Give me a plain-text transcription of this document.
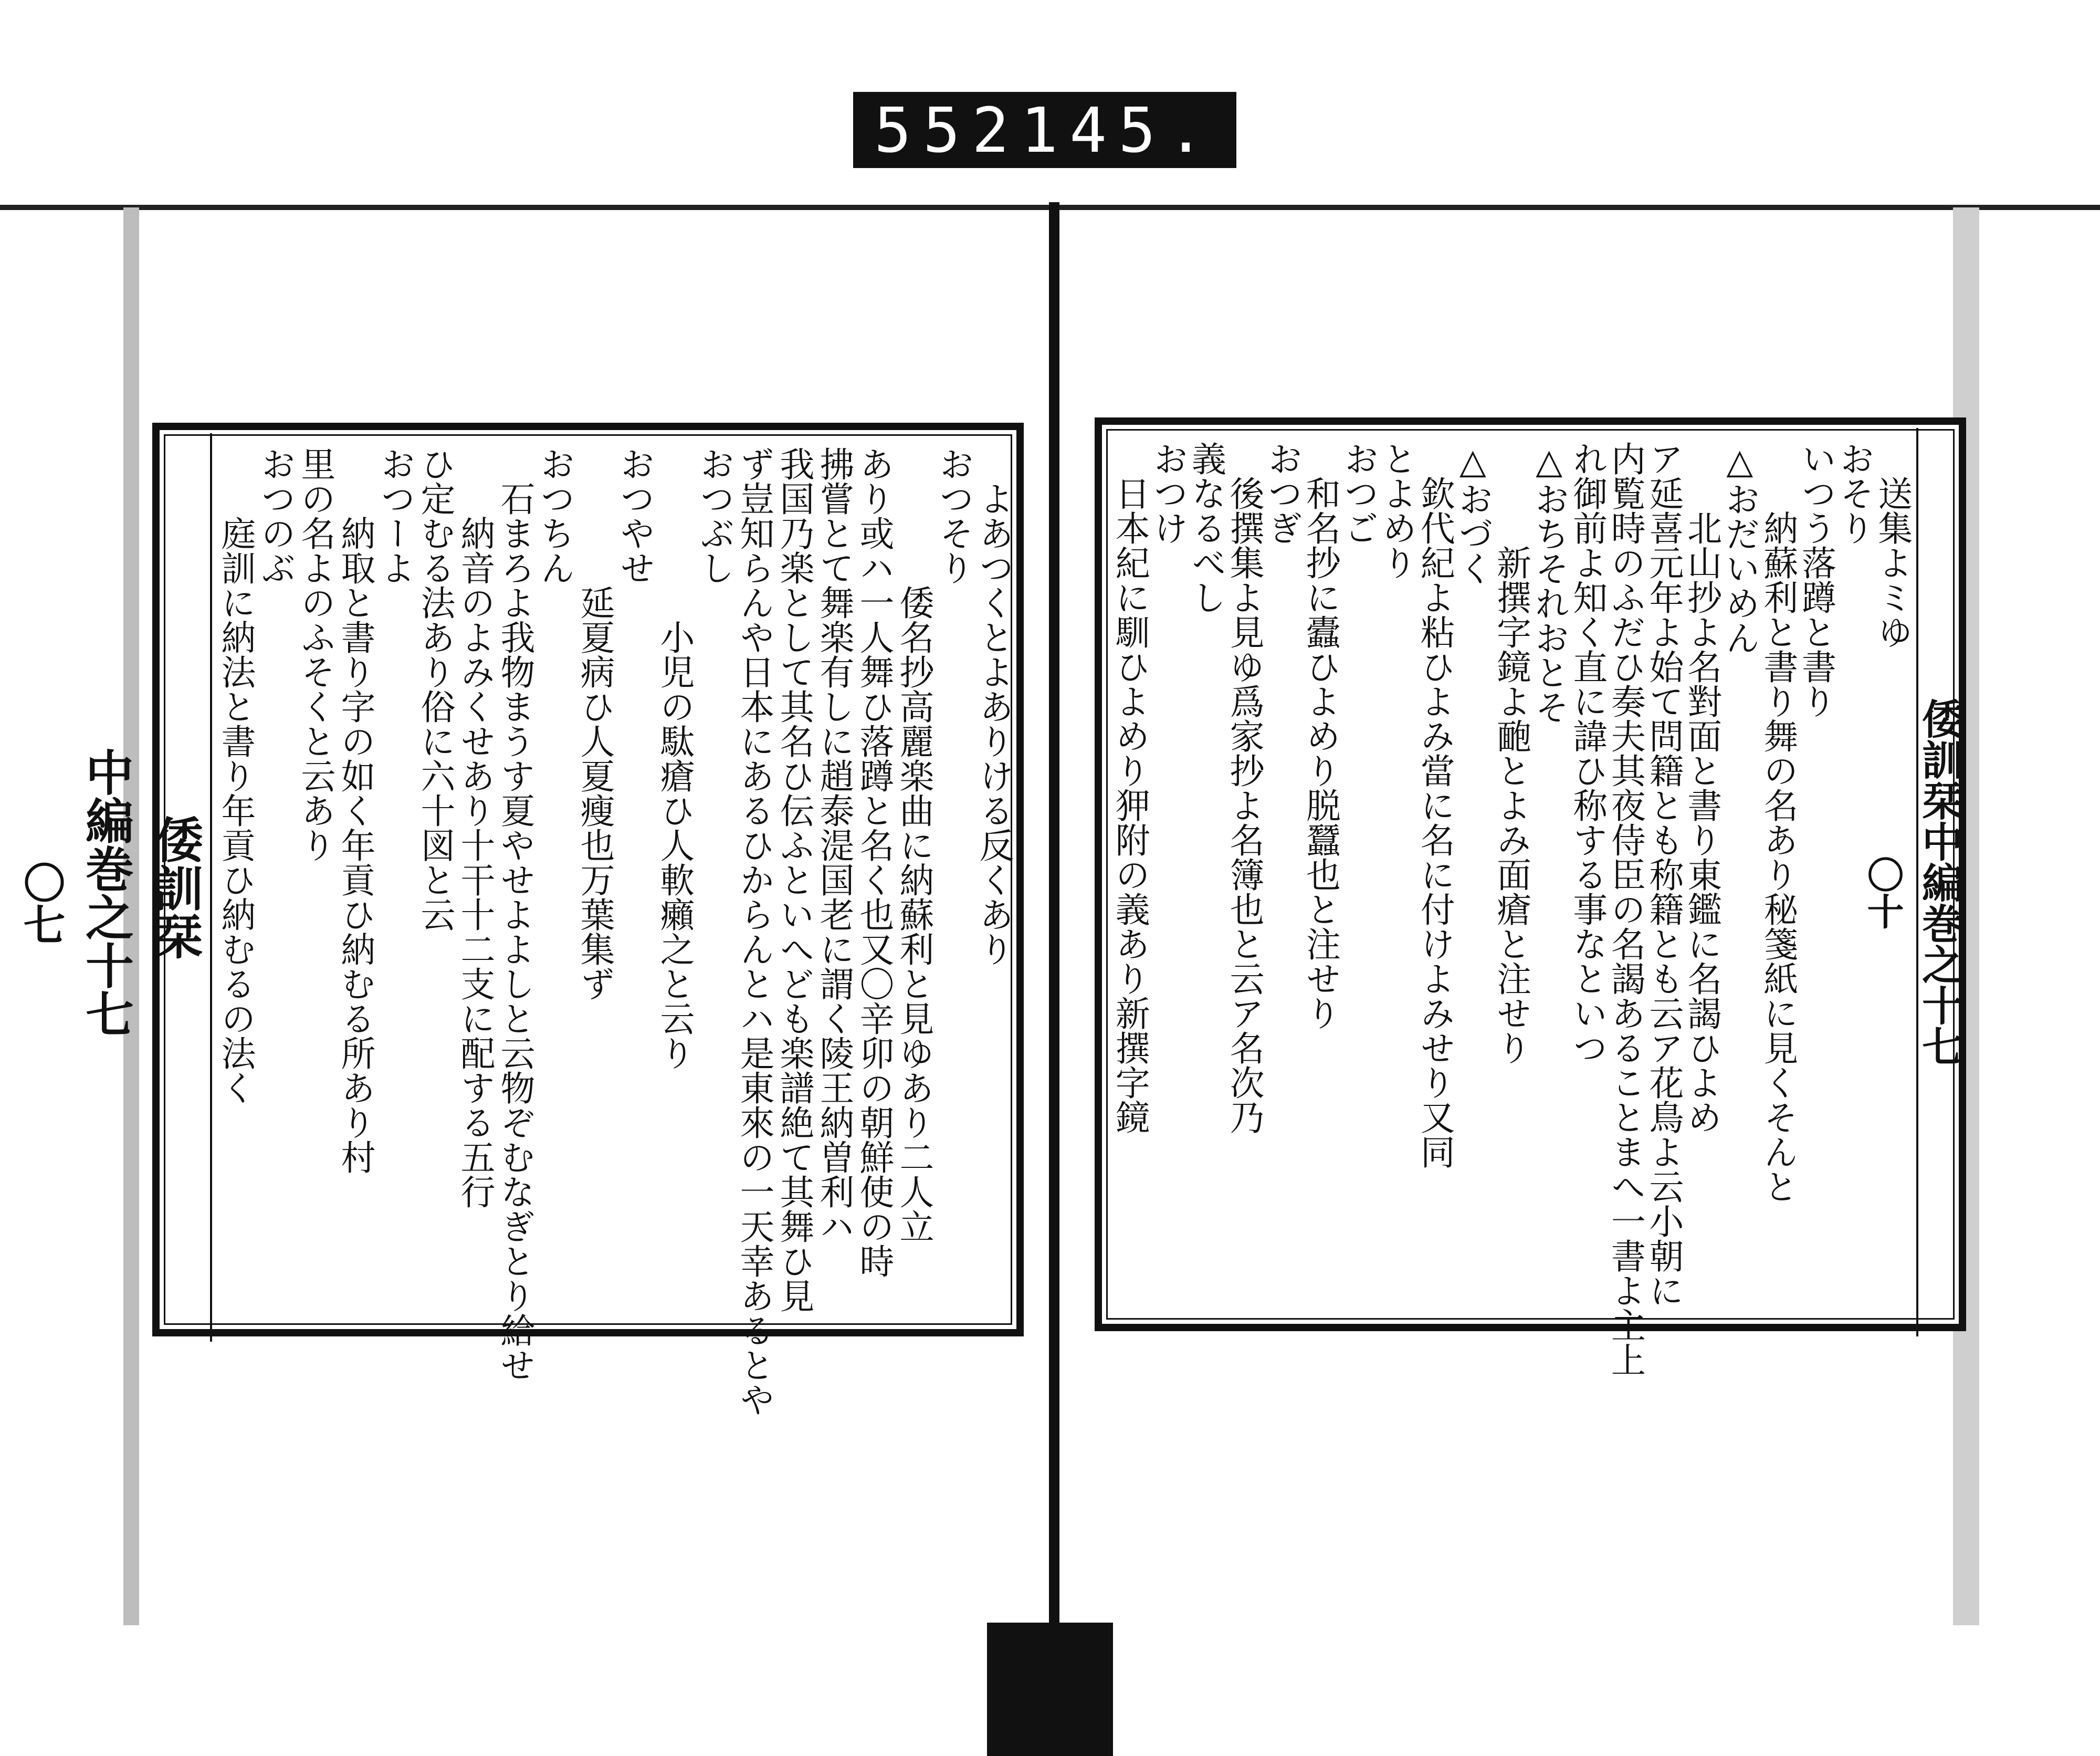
552 145.
倭訓栞
中編巻之十七
〇七	倭訓栞中編巻之十七
〇十
よあつくとよありける反くあり
おつそり
倭名抄高麗楽曲に納蘇利と見ゆあり二人立
あり或ハ一人舞ひ落蹲と名く也又〇辛卯の朝鮮使の時
拂嘗とて舞楽有しに趙泰湜国老に謂く陵王納曽利ハ
我国乃楽として其名ひ伝ふといへども楽譜絶て其舞ひ見
ず豈知らんや日本にあるひからんとハ是東來の一天幸あるとや
おつぶし
小児の駄瘡ひ人軟癩之と云り
おつやせ
延夏病ひ人夏瘦也万葉集ず
おつちん
石まろよ我物まうす夏やせよよしと云物ぞむなぎとり給せ
納音のよみくせあり十干十二支に配する五行
ひ定むる法あり俗に六十図と云
おつーよ
納取と書り字の如く年貢ひ納むる所あり村
里の名よのふそくと云あり
おつのぶ
庭訓に納法と書り年貢ひ納むるの法く	送集よミゆ
おそり
いつう落蹲と書り
納蘇利と書り舞の名あり秘箋紙に見くそんと
△おだいめん
北山抄よ名對面と書り東鑑に名謁ひよめ
ア延喜元年よ始て問籍とも称籍とも云ア花鳥よ云小朝に
内覧時のふだひ奏夫其夜侍臣の名謁あることまへ一書よ主上
れ御前よ知く直に諱ひ称する事なといつ
△おちそれおとそ
新撰字鏡よ靤とよみ面瘡と注せり
△おづく
欽代紀よ粘ひよみ當に名に付けよみせり又同
とよめり
おつご
和名抄に蠹ひよめり脱蠶也と注せり
おつぎ
後撰集よ見ゆ爲家抄よ名簿也と云ア名次乃
義なるべし
おつけ
日本紀に馴ひよめり狎附の義あり新撰字鏡
